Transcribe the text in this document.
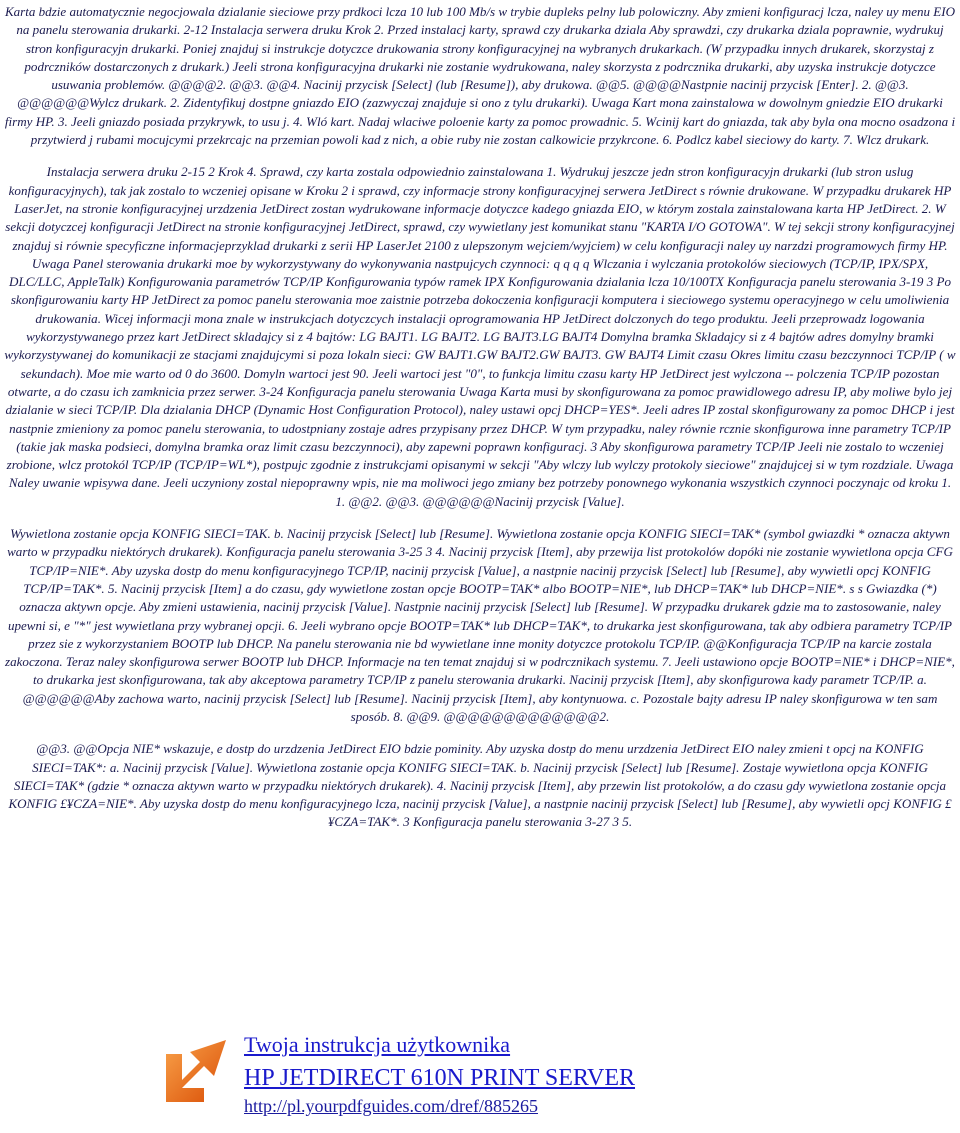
Karta bdzie automatycznie negocjowala dzialanie sieciowe przy prdkoci lcza 10 lub 100 Mb/s w trybie dupleks pelny lub polowiczny. Aby zmieni konfiguracj lcza, naley uy menu EIO na panelu sterowania drukarki. 2-12 Instalacja serwera druku Krok 2. Przed instalacj karty, sprawd czy drukarka dziala Aby sprawdzi, czy drukarka dziala poprawnie, wydrukuj stron konfiguracyjn drukarki. Poniej znajduj si instrukcje dotyczce drukowania strony konfiguracyjnej na wybranych drukarkach. (W przypadku innych drukarek, skorzystaj z podrczników dostarczonych z drukark.) Jeeli strona konfiguracyjna drukarki nie zostanie wydrukowana, naley skorzysta z podrcznika drukarki, aby uzyska instrukcje dotyczce usuwania problemów. @@@@2. @@3. @@4. Nacinij przycisk [Select] (lub [Resume]), aby drukowa. @@5. @@@@Nastpnie nacinij przycisk [Enter]. 2. @@3. @@@@@@Wylcz drukark. 2. Zidentyfikuj dostpne gniazdo EIO (zazwyczaj znajduje si ono z tylu drukarki). Uwaga Kart mona zainstalowa w dowolnym gniedzie EIO drukarki firmy HP. 3. Jeeli gniazdo posiada przykrywk, to usu j. 4. Wló kart. Nadaj wlaciwe poloenie karty za pomoc prowadnic. 5. Wcinij kart do gniazda, tak aby byla ona mocno osadzona i przytwierd j rubami mocujcymi przekrcajc na przemian powoli kad z nich, a obie ruby nie zostan calkowicie przykrcone. 6. Podlcz kabel sieciowy do karty. 7. Wlcz drukark.

Instalacja serwera druku 2-15 2 Krok 4. Sprawd, czy karta zostala odpowiednio zainstalowana 1. Wydrukuj jeszcze jedn stron konfiguracyjn drukarki (lub stron uslug konfiguracyjnych), tak jak zostalo to wczeniej opisane w Kroku 2 i sprawd, czy informacje strony konfiguracyjnej serwera JetDirect s równie drukowane. W przypadku drukarek HP LaserJet, na stronie konfiguracyjnej urzdzenia JetDirect zostan wydrukowane informacje dotyczce kadego gniazda EIO, w którym zostala zainstalowana karta HP JetDirect. 2. W sekcji dotyczcej konfiguracji JetDirect na stronie konfiguracyjnej JetDirect, sprawd, czy wywietlany jest komunikat stanu "KARTA I/O GOTOWA". W tej sekcji strony konfiguracyjnej znajduj si równie specyficzne informacjeprzyklad drukarki z serii HP LaserJet 2100 z ulepszonym wejciem/wyjciem) w celu konfiguracji naley uy narzdzi programowych firmy HP. Uwaga Panel sterowania drukarki moe by wykorzystywany do wykonywania nastpujcych czynnoci: q q q q Wlczania i wylczania protokolów sieciowych (TCP/IP, IPX/SPX, DLC/LLC, AppleTalk) Konfigurowania parametrów TCP/IP Konfigurowania typów ramek IPX Konfigurowania dzialania lcza 10/100TX Konfiguracja panelu sterowania 3-19 3 Po skonfigurowaniu karty HP JetDirect za pomoc panelu sterowania moe zaistnie potrzeba dokoczenia konfiguracji komputera i sieciowego systemu operacyjnego w celu umoliwienia drukowania. Wicej informacji mona znale w instrukcjach dotyczcych instalacji oprogramowania HP JetDirect dolczonych do tego produktu. Jeeli przeprowadz logowania wykorzystywanego przez kart JetDirect skladajcy si z 4 bajtów: LG BAJT1. LG BAJT2. LG BAJT3.LG BAJT4 Domylna bramka Skladajcy si z 4 bajtów adres domylny bramki wykorzystywanej do komunikacji ze stacjami znajdujcymi si poza lokaln sieci: GW BAJT1.GW BAJT2.GW BAJT3. GW BAJT4 Limit czasu Okres limitu czasu bezczynnoci TCP/IP ( w sekundach). Moe mie warto od 0 do 3600. Domyln wartoci jest 90. Jeeli wartoci jest "0", to funkcja limitu czasu karty HP JetDirect jest wylczona -- polczenia TCP/IP pozostan otwarte, a do czasu ich zamknicia przez serwer. 3-24 Konfiguracja panelu sterowania Uwaga Karta musi by skonfigurowana za pomoc prawidlowego adresu IP, aby moliwe bylo jej dzialanie w sieci TCP/IP. Dla dzialania DHCP (Dynamic Host Configuration Protocol), naley ustawi opcj DHCP=YES*. Jeeli adres IP zostal skonfigurowany za pomoc DHCP i jest nastpnie zmieniony za pomoc panelu sterowania, to udostpniany zostaje adres przypisany przez DHCP. W tym przypadku, naley równie rcznie skonfigurowa inne parametry TCP/IP (takie jak maska podsieci, domylna bramka oraz limit czasu bezczynnoci), aby zapewni poprawn konfiguracj. 3 Aby skonfigurowa parametry TCP/IP Jeeli nie zostalo to wczeniej zrobione, wlcz protokól TCP/IP (TCP/IP=WL*), postpujc zgodnie z instrukcjami opisanymi w sekcji "Aby wlczy lub wylczy protokoly sieciowe" znajdujcej si w tym rozdziale. Uwaga Naley uwanie wpisywa dane. Jeeli uczyniony zostal niepoprawny wpis, nie ma moliwoci jego zmiany bez potrzeby ponownego wykonania wszystkich czynnoci poczynajc od kroku 1. 1. @@2. @@3. @@@@@@Nacinij przycisk [Value].

Wywietlona zostanie opcja KONFIG SIECI=TAK. b. Nacinij przycisk [Select] lub [Resume]. Wywietlona zostanie opcja KONFIG SIECI=TAK* (symbol gwiazdki * oznacza aktywn warto w przypadku niektórych drukarek). Konfiguracja panelu sterowania 3-25 3 4. Nacinij przycisk [Item], aby przewija list protokolów dopóki nie zostanie wywietlona opcja CFG TCP/IP=NIE*. Aby uzyska dostp do menu konfiguracyjnego TCP/IP, nacinij przycisk [Value], a nastpnie nacinij przycisk [Select] lub [Resume], aby wywietli opcj KONFIG TCP/IP=TAK*. 5. Nacinij przycisk [Item] a do czasu, gdy wywietlone zostan opcje BOOTP=TAK* albo BOOTP=NIE*, lub DHCP=TAK* lub DHCP=NIE*. s s Gwiazdka (*) oznacza aktywn opcje. Aby zmieni ustawienia, nacinij przycisk [Value]. Nastpnie nacinij przycisk [Select] lub [Resume]. W przypadku drukarek gdzie ma to zastosowanie, naley upewni si, e "*" jest wywietlana przy wybranej opcji. 6. Jeeli wybrano opcje BOOTP=TAK* lub DHCP=TAK*, to drukarka jest skonfigurowana, tak aby odbiera parametry TCP/IP przez sie z wykorzystaniem BOOTP lub DHCP. Na panelu sterowania nie bd wywietlane inne monity dotyczce protokolu TCP/IP. @@Konfiguracja TCP/IP na karcie zostala zakoczona. Teraz naley skonfigurowa serwer BOOTP lub DHCP. Informacje na ten temat znajduj si w podrcznikach systemu. 7. Jeeli ustawiono opcje BOOTP=NIE* i DHCP=NIE*, to drukarka jest skonfigurowana, tak aby akceptowa parametry TCP/IP z panelu sterowania drukarki. Nacinij przycisk [Item], aby skonfigurowa kady parametr TCP/IP. a. @@@@@@Aby zachowa warto, nacinij przycisk [Select] lub [Resume]. Nacinij przycisk [Item], aby kontynuowa. c. Pozostale bajty adresu IP naley skonfigurowa w ten sam sposób. 8. @@9. @@@@@@@@@@@@@2.

@@3. @@Opcja NIE* wskazuje, e dostp do urzdzenia JetDirect EIO bdzie pominity. Aby uzyska dostp do menu urzdzenia JetDirect EIO naley zmieni t opcj na KONFIG SIECI=TAK*: a. Nacinij przycisk [Value]. Wywietlona zostanie opcja KONIFG SIECI=TAK. b. Nacinij przycisk [Select] lub [Resume]. Zostaje wywietlona opcja KONFIG SIECI=TAK* (gdzie * oznacza aktywn warto w przypadku niektórych drukarek). 4. Nacinij przycisk [Item], aby przewin list protokolów, a do czasu gdy wywietlona zostanie opcja KONFIG £¥CZA=NIE*. Aby uzyska dostp do menu konfiguracyjnego lcza, nacinij przycisk [Value], a nastpnie nacinij przycisk [Select] lub [Resume], aby wywietli opcj KONFIG £¥CZA=TAK*. 3 Konfiguracja panelu sterowania 3-27 3 5.

Twoja instrukcja użytkownika
HP JETDIRECT 610N PRINT SERVER
http://pl.yourpdfguides.com/dref/885265
